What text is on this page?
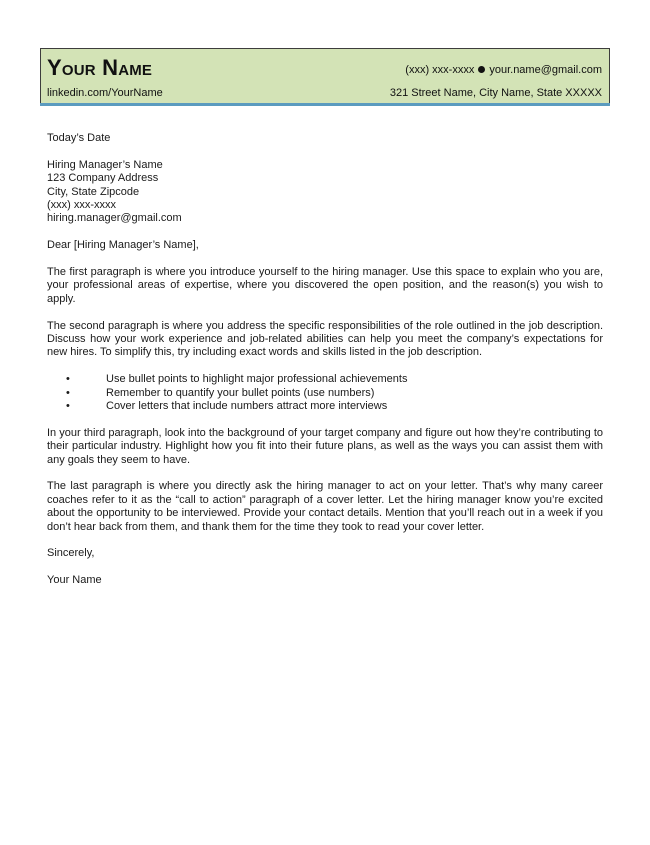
Your Name	(xxx) xxx-xxxx your.name@gmail.com
linkedin.com/YourName	321 Street Name, City Name, State XXXXX
Today’s Date
Hiring Manager’s Name
123 Company Address
City, State Zipcode
(xxx) xxx-xxxx
hiring.manager@gmail.com

Dear [Hiring Manager’s Name],

The first paragraph is where you introduce yourself to the hiring manager. Use this space to explain who you are, your professional areas of expertise, where you discovered the open position, and the reason(s) you wish to apply.

The second paragraph is where you address the specific responsibilities of the role outlined in the job description. Discuss how your work experience and job-related abilities can help you meet the company’s expectations for new hires. To simplify this, try including exact words and skills listed in the job description.

•	Use bullet points to highlight major professional achievements
•	Remember to quantify your bullet points (use numbers)
•	Cover letters that include numbers attract more interviews

In your third paragraph, look into the background of your target company and figure out how they’re contributing to their particular industry. Highlight how you fit into their future plans, as well as the ways you can assist them with any goals they seem to have.

The last paragraph is where you directly ask the hiring manager to act on your letter. That’s why many career coaches refer to it as the “call to action” paragraph of a cover letter. Let the hiring manager know you’re excited about the opportunity to be interviewed. Provide your contact details. Mention that you’ll reach out in a week if you don’t hear back from them, and thank them for the time they took to read your cover letter.

Sincerely,

Your Name
